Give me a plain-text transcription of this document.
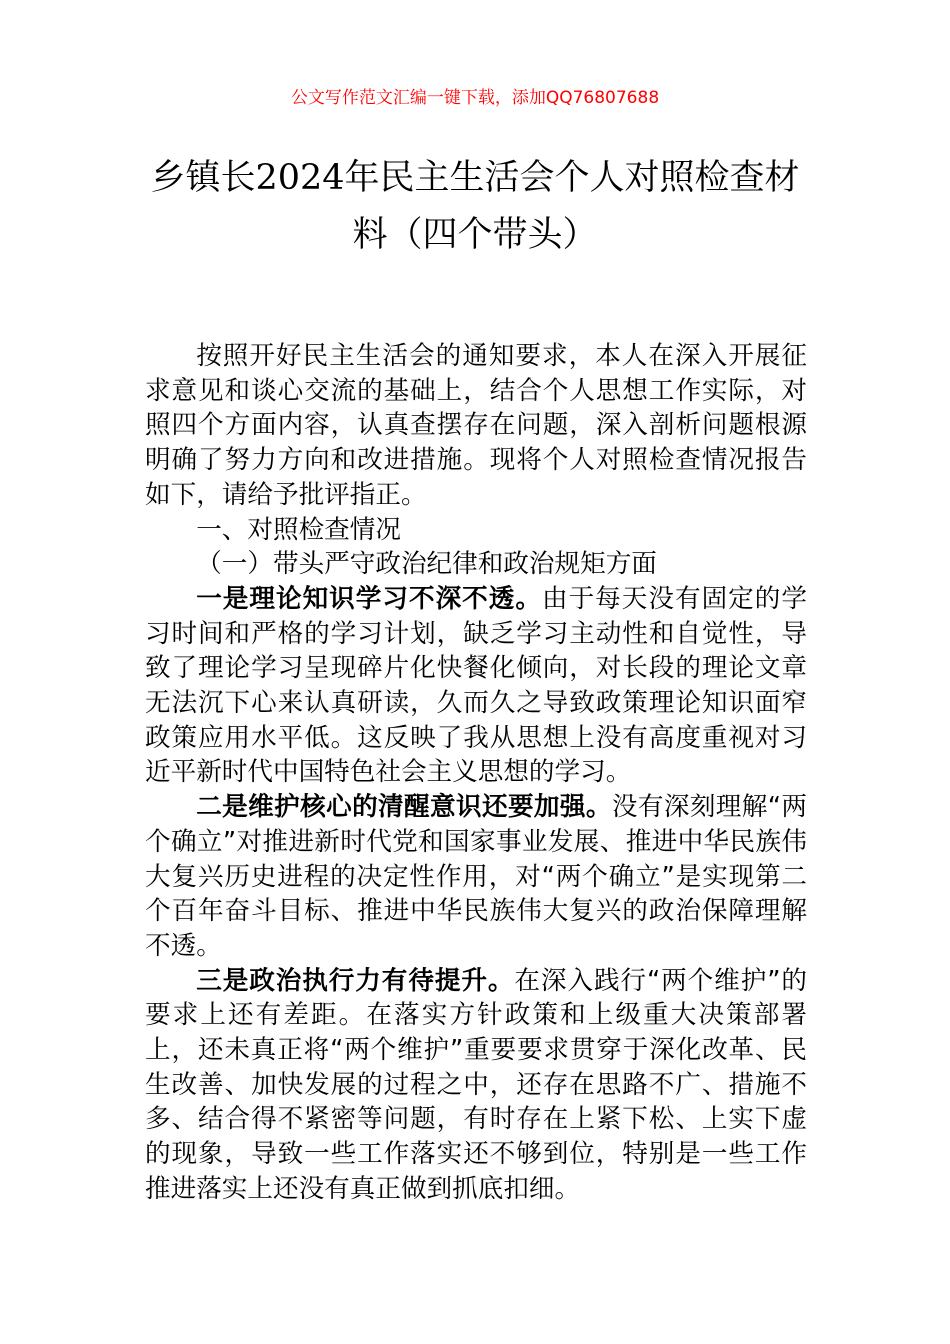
公文写作范文汇编一键下载，添加QQ76807688
乡镇长2024年民主生活会个人对照检查材
料（四个带头）

按照开好民主生活会的通知要求，本人在深入开展征求意见和谈心交流的基础上，结合个人思想工作实际，对照四个方面内容，认真查摆存在问题，深入剖析问题根源明确了努力方向和改进措施。现将个人对照检查情况报告如下，请给予批评指正。

一、对照检查情况

（一）带头严守政治纪律和政治规矩方面

一是理论知识学习不深不透。由于每天没有固定的学习时间和严格的学习计划，缺乏学习主动性和自觉性，导致了理论学习呈现碎片化快餐化倾向，对长段的理论文章无法沉下心来认真研读，久而久之导致政策理论知识面窄政策应用水平低。这反映了我从思想上没有高度重视对习近平新时代中国特色社会主义思想的学习。

二是维护核心的清醒意识还要加强。没有深刻理解“两个确立”对推进新时代党和国家事业发展、推进中华民族伟大复兴历史进程的决定性作用，对“两个确立”是实现第二个百年奋斗目标、推进中华民族伟大复兴的政治保障理解不透。

三是政治执行力有待提升。在深入践行“两个维护”的要求上还有差距。在落实方针政策和上级重大决策部署上，还未真正将“两个维护”重要要求贯穿于深化改革、民生改善、加快发展的过程之中，还存在思路不广、措施不多、结合得不紧密等问题，有时存在上紧下松、上实下虚的现象，导致一些工作落实还不够到位，特别是一些工作推进落实上还没有真正做到抓底扣细。
